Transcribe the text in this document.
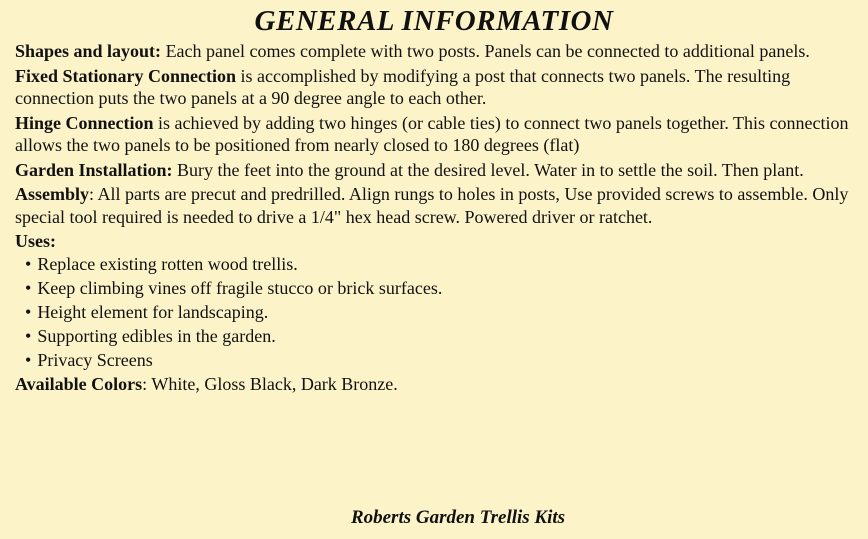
GENERAL INFORMATION

Shapes and layout: Each panel comes complete with two posts. Panels can be connected to additional panels.

Fixed Stationary Connection is accomplished by modifying a post that connects two panels. The resulting connection puts the two panels at a 90 degree angle to each other.

Hinge Connection is achieved by adding two hinges (or cable ties) to connect two panels together. This connection allows the two panels to be positioned from nearly closed to 180 degrees (flat)

Garden Installation: Bury the feet into the ground at the desired level. Water in to settle the soil. Then plant.

Assembly: All parts are precut and predrilled. Align rungs to holes in posts, Use provided screws to assemble. Only special tool required is needed to drive a 1/4" hex head screw. Powered driver or ratchet.

Uses:

• Replace existing rotten wood trellis.
• Keep climbing vines off fragile stucco or brick surfaces.
• Height element for landscaping.
• Supporting edibles in the garden.
• Privacy Screens

Available Colors: White, Gloss Black, Dark Bronze.

Roberts Garden Trellis Kits
